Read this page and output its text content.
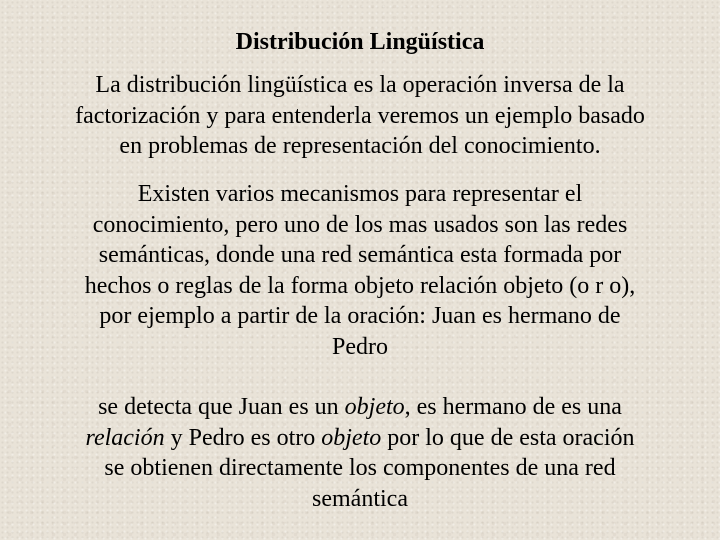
Distribución Lingüística

La distribución lingüística es la operación inversa de la
factorización y para entenderla veremos un ejemplo basado
en problemas de representación del conocimiento.

Existen varios mecanismos para representar el
conocimiento, pero uno de los mas usados son las redes
semánticas, donde una red semántica esta formada por
hechos o reglas de la forma objeto relación objeto (o r o),
por ejemplo a partir de la oración: Juan es hermano de
Pedro

se detecta que Juan es un objeto, es hermano de es una
relación y Pedro es otro objeto por lo que de esta oración
se obtienen directamente los componentes de una red
semántica
